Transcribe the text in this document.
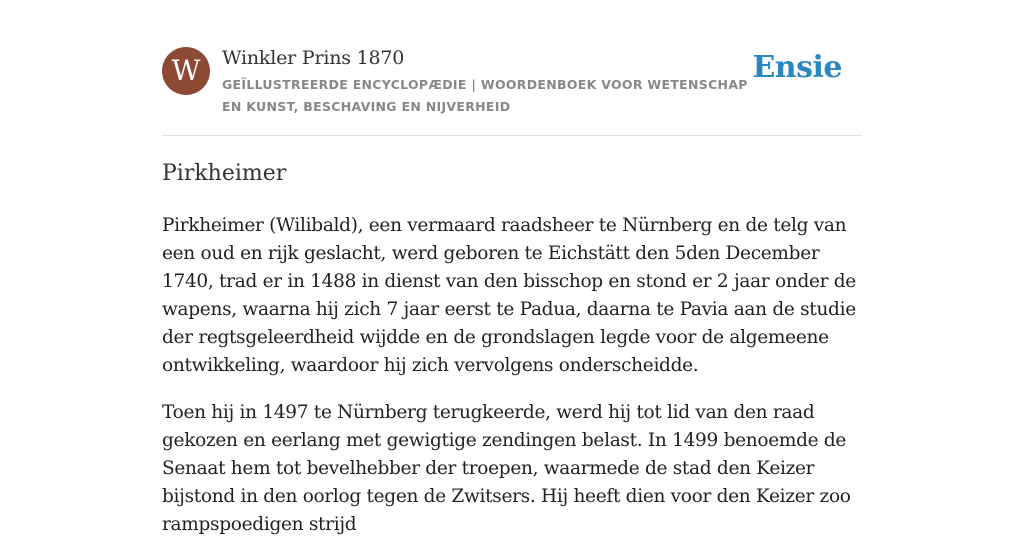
W	Winkler Prins 1870
GEÏLLUSTREERDE ENCYCLOPÆDIE | WOORDENBOEK VOOR WETENSCHAP EN KUNST, BESCHAVING EN NIJVERHEID
Ensie
Pirkheimer

Pirkheimer (Wilibald), een vermaard raadsheer te Nürnberg en de telg van een oud en rijk geslacht, werd geboren te Eichstätt den 5den December 1740, trad er in 1488 in dienst van den bisschop en stond er 2 jaar onder de wapens, waarna hij zich 7 jaar eerst te Padua, daarna te Pavia aan de studie der regtsgeleerdheid wijdde en de grondslagen legde voor de algemeene ontwikkeling, waardoor hij zich vervolgens onderscheidde.

Toen hij in 1497 te Nürnberg terugkeerde, werd hij tot lid van den raad gekozen en eerlang met gewigtige zendingen belast. In 1499 benoemde de Senaat hem tot bevelhebber der troepen, waarmede de stad den Keizer bijstond in den oorlog tegen de Zwitsers. Hij heeft dien voor den Keizer zoo rampspoedigen strijd
